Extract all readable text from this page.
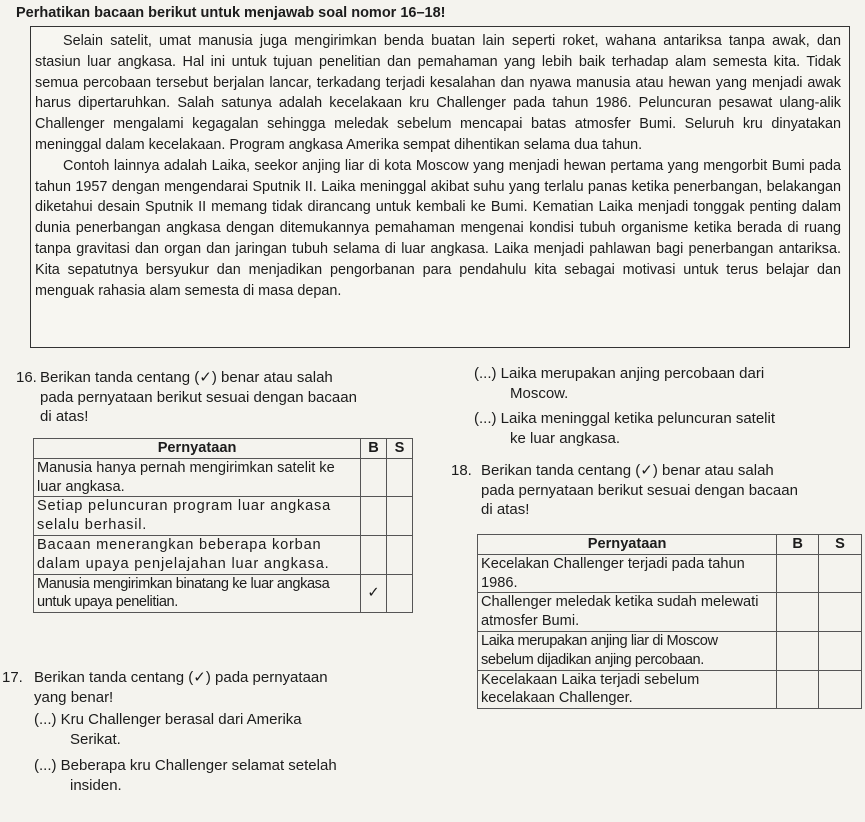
Perhatikan bacaan berikut untuk menjawab soal nomor 16–18!

Selain satelit, umat manusia juga mengirimkan benda buatan lain seperti roket, wahana antariksa tanpa awak, dan stasiun luar angkasa. Hal ini untuk tujuan penelitian dan pemahaman yang lebih baik terhadap alam semesta kita. Tidak semua percobaan tersebut berjalan lancar, terkadang terjadi kesalahan dan nyawa manusia atau hewan yang menjadi awak harus dipertaruhkan. Salah satunya adalah kecelakaan kru Challenger pada tahun 1986. Peluncuran pesawat ulang-alik Challenger mengalami kegagalan sehingga meledak sebelum mencapai batas atmosfer Bumi. Seluruh kru dinyatakan meninggal dalam kecelakaan. Program angkasa Amerika sempat dihentikan selama dua tahun.

Contoh lainnya adalah Laika, seekor anjing liar di kota Moscow yang menjadi hewan pertama yang mengorbit Bumi pada tahun 1957 dengan mengendarai Sputnik II. Laika meninggal akibat suhu yang terlalu panas ketika penerbangan, belakangan diketahui desain Sputnik II memang tidak dirancang untuk kembali ke Bumi. Kematian Laika menjadi tonggak penting dalam dunia penerbangan angkasa dengan ditemukannya pemahaman mengenai kondisi tubuh organisme ketika berada di ruang tanpa gravitasi dan organ dan jaringan tubuh selama di luar angkasa. Laika menjadi pahlawan bagi penerbangan antariksa. Kita sepatutnya bersyukur dan menjadikan pengorbanan para pendahulu kita sebagai motivasi untuk terus belajar dan menguak rahasia alam semesta di masa depan.

16. Berikan tanda centang (✓) benar atau salah
pada pernyataan berikut sesuai dengan bacaan
di atas!
Pernyataan	B	S
Manusia hanya pernah mengirimkan satelit ke luar angkasa.		
Setiap peluncuran program luar angkasa selalu berhasil.		
Bacaan menerangkan beberapa korban dalam upaya penjelajahan luar angkasa.		
Manusia mengirimkan binatang ke luar angkasa untuk upaya penelitian.	✓	
17. Berikan tanda centang (✓) pada pernyataan
yang benar!
(...) Kru Challenger berasal dari Amerika
Serikat.
(...) Beberapa kru Challenger selamat setelah
insiden.
(...) Laika merupakan anjing percobaan dari
Moscow.
(...) Laika meninggal ketika peluncuran satelit
ke luar angkasa.
18. Berikan tanda centang (✓) benar atau salah
pada pernyataan berikut sesuai dengan bacaan
di atas!
Pernyataan	B	S
Kecelakan Challenger terjadi pada tahun 1986.		
Challenger meledak ketika sudah melewati atmosfer Bumi.		
Laika merupakan anjing liar di Moscow sebelum dijadikan anjing percobaan.		
Kecelakaan Laika terjadi sebelum kecelakaan Challenger.		
